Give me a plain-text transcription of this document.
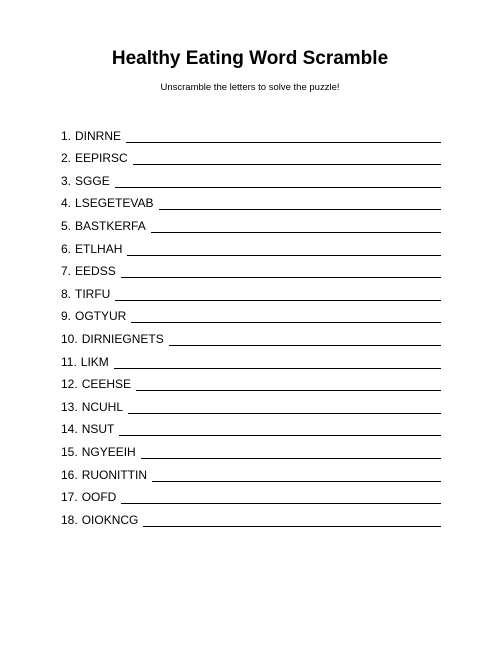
Healthy Eating Word Scramble
Unscramble the letters to solve the puzzle!
1. DINRNE
2. EEPIRSC
3. SGGE
4. LSEGETEVAB
5. BASTKERFA
6. ETLHAH
7. EEDSS
8. TIRFU
9. OGTYUR
10. DIRNIEGNETS
11. LIKM
12. CEEHSE
13. NCUHL
14. NSUT
15. NGYEEIH
16. RUONITTIN
17. OOFD
18. OIOKNCG
